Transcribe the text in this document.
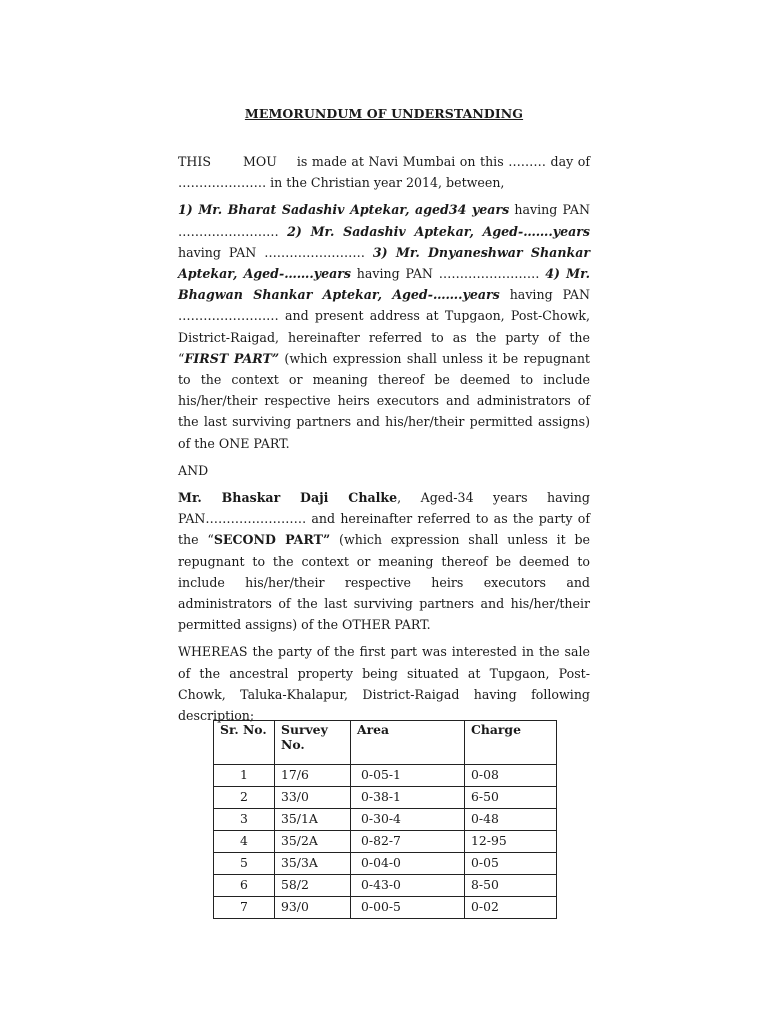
MEMORUNDUM OF UNDERSTANDING

THIS	MOU is made at Navi Mumbai on this ……… day of ………………… in the Christian year 2014, between,

1) Mr. Bharat Sadashiv Aptekar, aged34 years having PAN …………………… 2) Mr. Sadashiv Aptekar, Aged-…….years having PAN …………………… 3) Mr. Dnyaneshwar Shankar Aptekar, Aged-…….years having PAN …………………… 4) Mr. Bhagwan Shankar Aptekar, Aged-…….years having PAN …………………… and present address at Tupgaon, Post-Chowk, District-Raigad, hereinafter referred to as the party of the “FIRST PART” (which expression shall unless it be repugnant to the context or meaning thereof be deemed to include his/her/their respective heirs executors and administrators of the last surviving partners and his/her/their permitted assigns) of the ONE PART.

AND

Mr. Bhaskar Daji Chalke, Aged-34 years having PAN…………………… and hereinafter referred to as the party of the “SECOND PART” (which expression shall unless it be repugnant to the context or meaning thereof be deemed to include his/her/their respective heirs executors and administrators of the last surviving partners and his/her/their permitted assigns) of the OTHER PART.

WHEREAS the party of the first part was interested in the sale of the ancestral property being situated at Tupgaon, Post-Chowk, Taluka-Khalapur, District-Raigad having following description;

Sr. No.	Survey No.	Area	Charge
1	17/6	0-05-1	0-08
2	33/0	0-38-1	6-50
3	35/1A	0-30-4	0-48
4	35/2A	0-82-7	12-95
5	35/3A	0-04-0	0-05
6	58/2	0-43-0	8-50
7	93/0	0-00-5	0-02
